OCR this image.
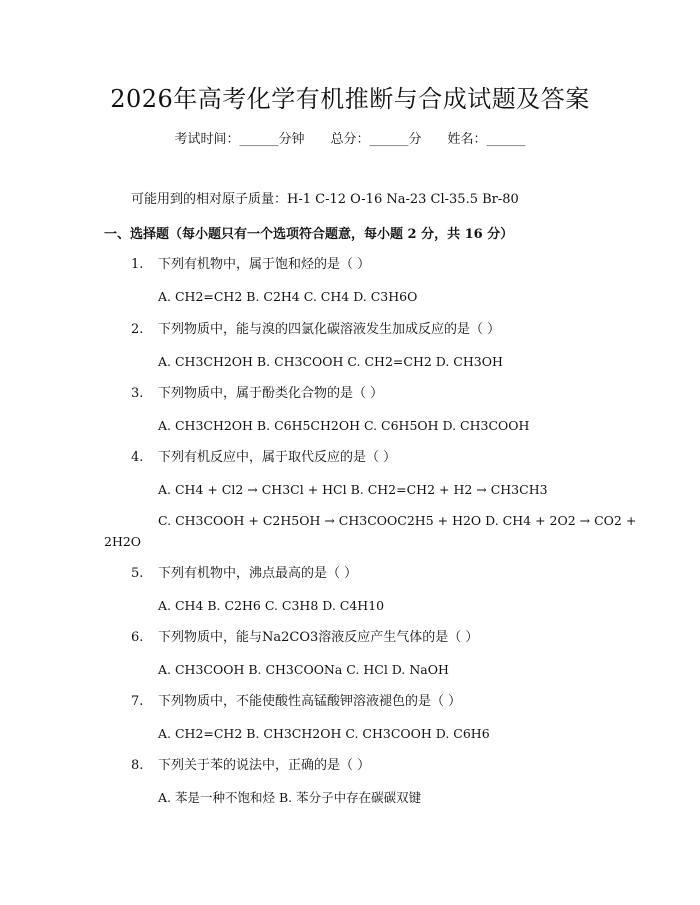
2026年高考化学有机推断与合成试题及答案
考试时间：______分钟 总分：______分 姓名：______
可能用到的相对原子质量：H-1 C-12 O-16 Na-23 Cl-35.5 Br-80
一、选择题（每小题只有一个选项符合题意，每小题 2 分，共 16 分）
1. 下列有机物中，属于饱和烃的是（ ）
A. CH2=CH2 B. C2H4 C. CH4 D. C3H6O
2. 下列物质中，能与溴的四氯化碳溶液发生加成反应的是（ ）
A. CH3CH2OH B. CH3COOH C. CH2=CH2 D. CH3OH
3. 下列物质中，属于酚类化合物的是（ ）
A. CH3CH2OH B. C6H5CH2OH C. C6H5OH D. CH3COOH
4. 下列有机反应中，属于取代反应的是（ ）
A. CH4 + Cl2 → CH3Cl + HCl B. CH2=CH2 + H2 → CH3CH3
C. CH3COOH + C2H5OH → CH3COOC2H5 + H2O D. CH4 + 2O2 → CO2 +
2H2O
5. 下列有机物中，沸点最高的是（ ）
A. CH4 B. C2H6 C. C3H8 D. C4H10
6. 下列物质中，能与Na2CO3溶液反应产生气体的是（ ）
A. CH3COOH B. CH3COONa C. HCl D. NaOH
7. 下列物质中，不能使酸性高锰酸钾溶液褪色的是（ ）
A. CH2=CH2 B. CH3CH2OH C. CH3COOH D. C6H6
8. 下列关于苯的说法中，正确的是（ ）
A. 苯是一种不饱和烃 B. 苯分子中存在碳碳双键
